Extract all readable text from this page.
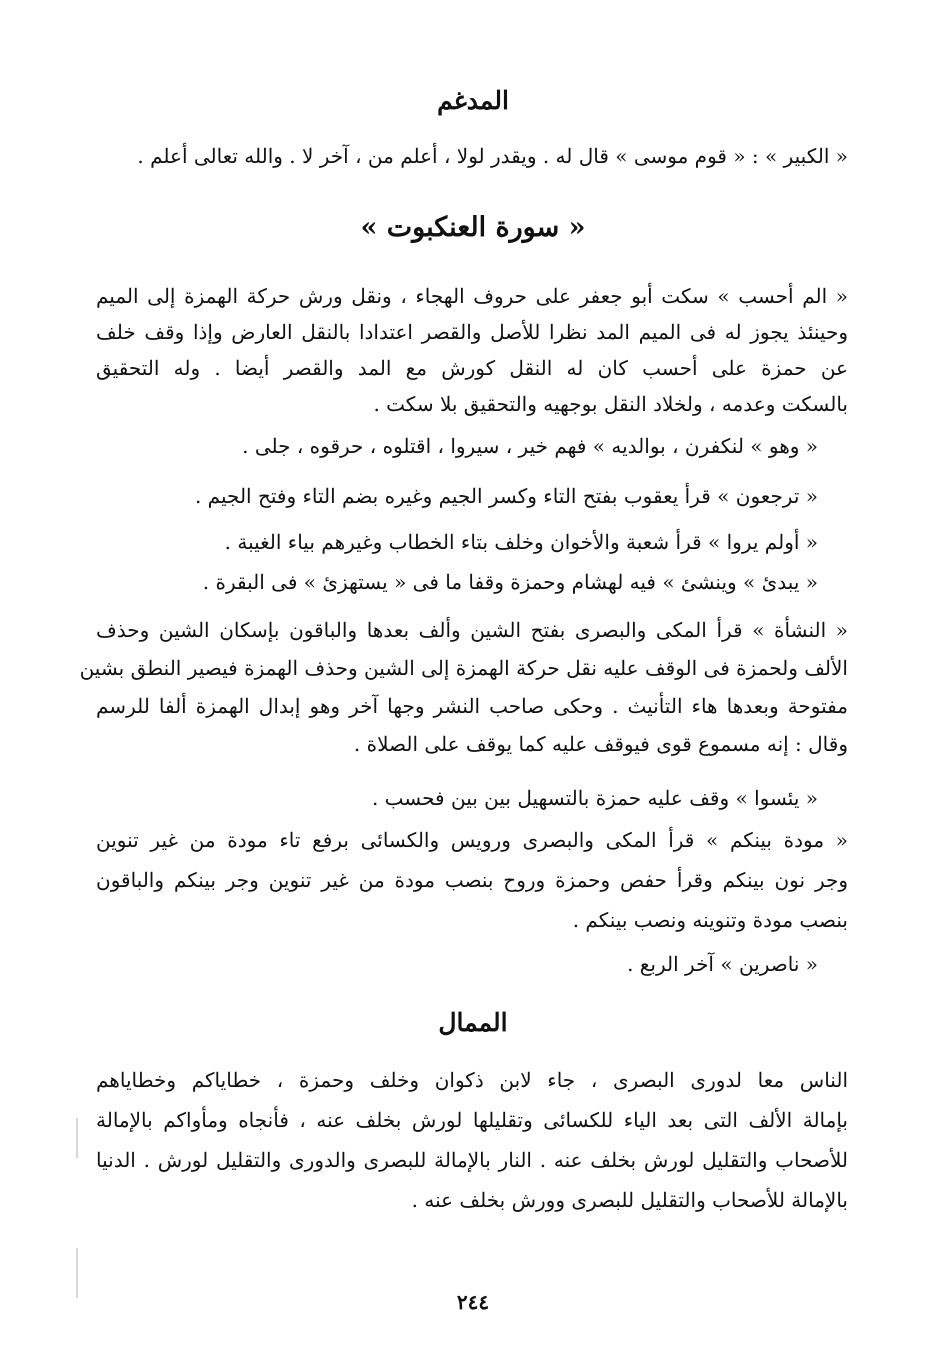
المدغم
« الكبير » : « قوم موسى » قال له . ويقدر لولا ، أعلم من ، آخر لا . والله تعالى أعلم .
« سورة العنكبوت »
« الم أحسب » سكت أبو جعفر على حروف الهجاء ، ونقل ورش حركة الهمزة إلى الميم
وحينئذ يجوز له فى الميم المد نظرا للأصل والقصر اعتدادا بالنقل العارض وإذا وقف خلف
عن حمزة على أحسب كان له النقل كورش مع المد والقصر أيضا . وله التحقيق
بالسكت وعدمه ، ولخلاد النقل بوجهيه والتحقيق بلا سكت .
« وهو » لنكفرن ، بوالديه » فهم خير ، سيروا ، اقتلوه ، حرقوه ، جلى .
« ترجعون » قرأ يعقوب بفتح التاء وكسر الجيم وغيره بضم التاء وفتح الجيم .
« أولم يروا » قرأ شعبة والأخوان وخلف بتاء الخطاب وغيرهم بياء الغيبة .
« يبدئ » وينشئ » فيه لهشام وحمزة وقفا ما فى « يستهزئ » فى البقرة .
« النشأة » قرأ المكى والبصرى بفتح الشين وألف بعدها والباقون بإسكان الشين وحذف
الألف ولحمزة فى الوقف عليه نقل حركة الهمزة إلى الشين وحذف الهمزة فيصير النطق بشين
مفتوحة وبعدها هاء التأنيث . وحكى صاحب النشر وجها آخر وهو إبدال الهمزة ألفا للرسم
وقال : إنه مسموع قوى فيوقف عليه كما يوقف على الصلاة .
« يئسوا » وقف عليه حمزة بالتسهيل بين بين فحسب .
« مودة بينكم » قرأ المكى والبصرى ورويس والكسائى برفع تاء مودة من غير تنوين
وجر نون بينكم وقرأ حفص وحمزة وروح بنصب مودة من غير تنوين وجر بينكم والباقون
بنصب مودة وتنوينه ونصب بينكم .
« ناصرين » آخر الربع .
الممال
الناس معا لدورى البصرى ، جاء لابن ذكوان وخلف وحمزة ، خطاياكم وخطاياهم
بإمالة الألف التى بعد الياء للكسائى وتقليلها لورش بخلف عنه ، فأنجاه ومأواكم بالإمالة
للأصحاب والتقليل لورش بخلف عنه . النار بالإمالة للبصرى والدورى والتقليل لورش . الدنيا
بالإمالة للأصحاب والتقليل للبصرى وورش بخلف عنه .
٢٤٤
